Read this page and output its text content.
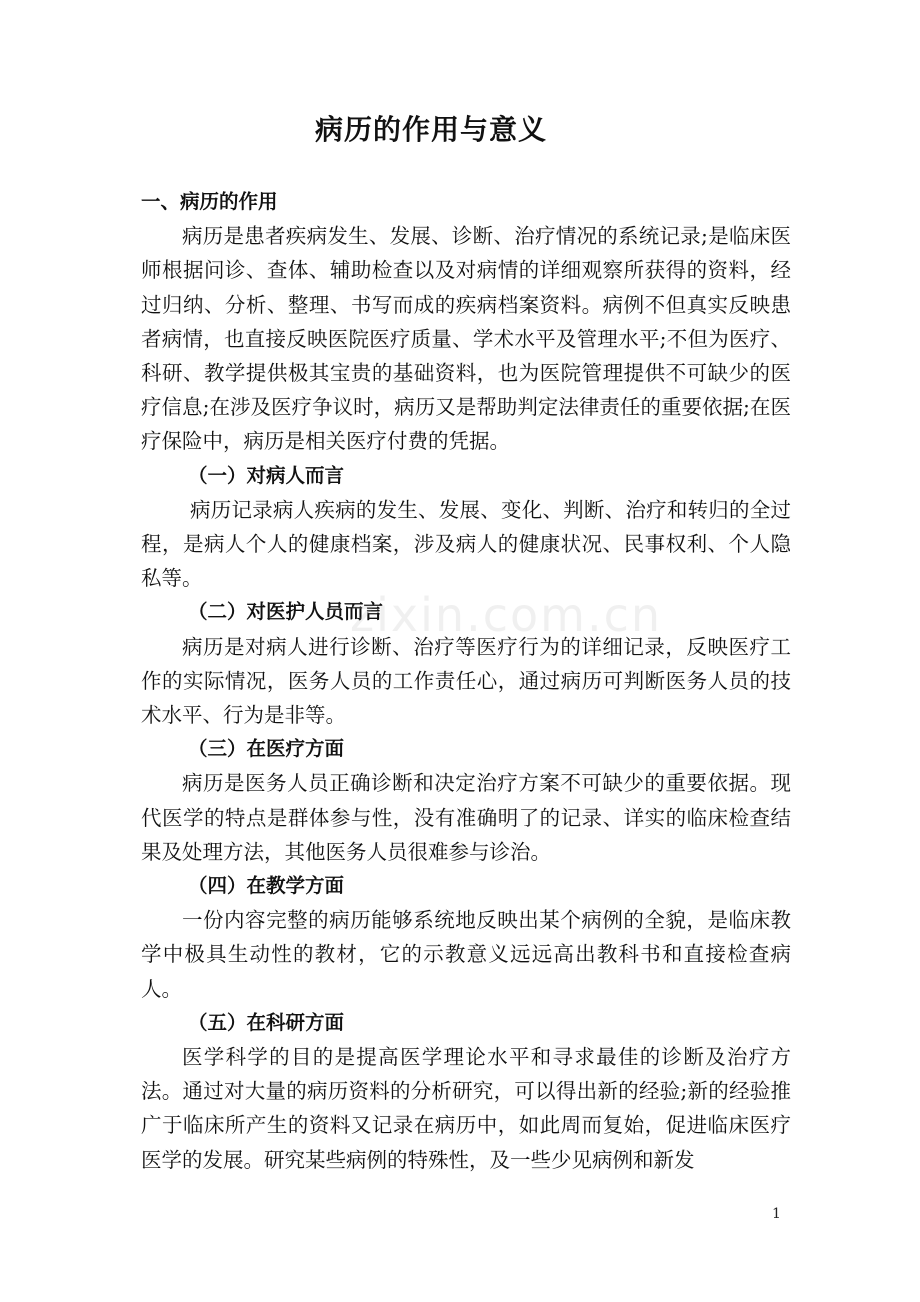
病历的作用与意义
一、病历的作用
病历是患者疾病发生、发展、诊断、治疗情况的系统记录;是临床医师根据问诊、查体、辅助检查以及对病情的详细观察所获得的资料，经过归纳、分析、整理、书写而成的疾病档案资料。病例不但真实反映患者病情，也直接反映医院医疗质量、学术水平及管理水平;不但为医疗、科研、教学提供极其宝贵的基础资料，也为医院管理提供不可缺少的医疗信息;在涉及医疗争议时，病历又是帮助判定法律责任的重要依据;在医疗保险中，病历是相关医疗付费的凭据。
（一）对病人而言
病历记录病人疾病的发生、发展、变化、判断、治疗和转归的全过程，是病人个人的健康档案，涉及病人的健康状况、民事权利、个人隐私等。
（二）对医护人员而言
病历是对病人进行诊断、治疗等医疗行为的详细记录，反映医疗工作的实际情况，医务人员的工作责任心，通过病历可判断医务人员的技术水平、行为是非等。
（三）在医疗方面
病历是医务人员正确诊断和决定治疗方案不可缺少的重要依据。现代医学的特点是群体参与性，没有准确明了的记录、详实的临床检查结果及处理方法，其他医务人员很难参与诊治。
（四）在教学方面
一份内容完整的病历能够系统地反映出某个病例的全貌，是临床教学中极具生动性的教材，它的示教意义远远高出教科书和直接检查病人。
（五）在科研方面
医学科学的目的是提高医学理论水平和寻求最佳的诊断及治疗方法。通过对大量的病历资料的分析研究，可以得出新的经验;新的经验推广于临床所产生的资料又记录在病历中，如此周而复始，促进临床医疗医学的发展。研究某些病例的特殊性，及一些少见病例和新发
zixin.com.cn
1
